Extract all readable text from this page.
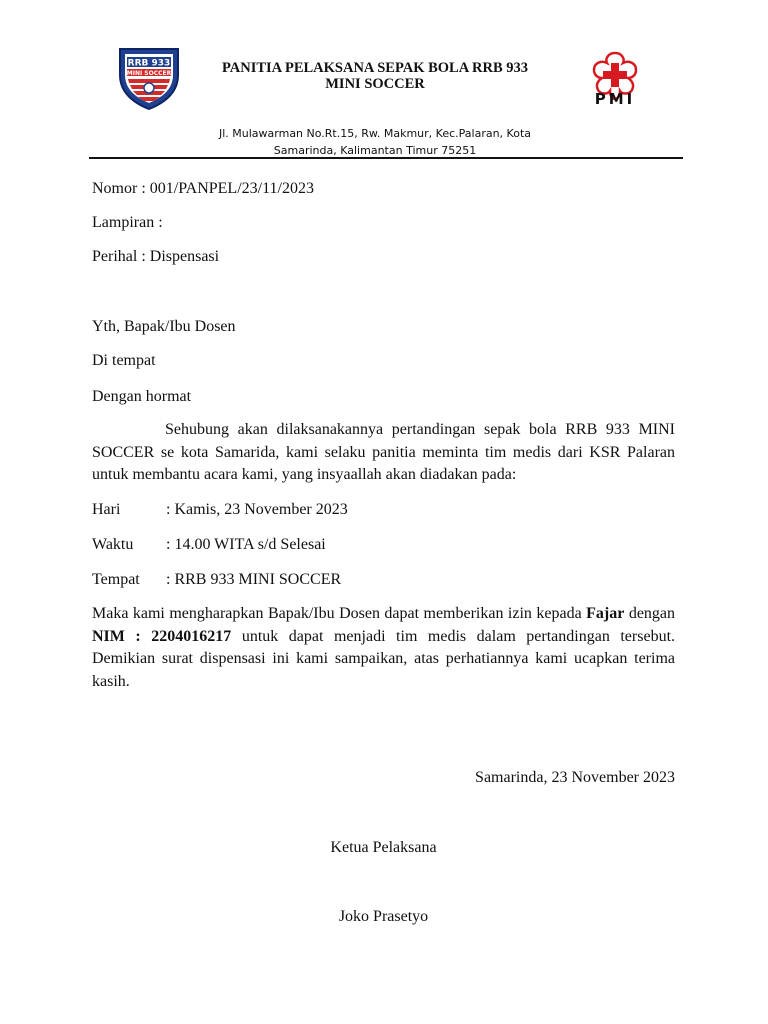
RRB 933
MINI SOCCER	PANITIA PELAKSANA SEPAK BOLA RRB 933
MINI SOCCER
PMI
Jl. Mulawarman No.Rt.15, Rw. Makmur, Kec.Palaran, Kota
Samarinda, Kalimantan Timur 75251
Nomor : 001/PANPEL/23/11/2023
Lampiran :
Perihal : Dispensasi
Yth, Bapak/Ibu Dosen
Di tempat
Dengan hormat
Sehubung akan dilaksanakannya pertandingan sepak bola RRB 933 MINI SOCCER se kota Samarida, kami selaku panitia meminta tim medis dari KSR Palaran untuk membantu acara kami, yang insyaallah akan diadakan pada:
Hari	: Kamis, 23 November 2023
Waktu : 14.00 WITA s/d Selesai
Tempat : RRB 933 MINI SOCCER
Maka kami mengharapkan Bapak/Ibu Dosen dapat memberikan izin kepada Fajar dengan NIM : 2204016217 untuk dapat menjadi tim medis dalam pertandingan tersebut. Demikian surat dispensasi ini kami sampaikan, atas perhatiannya kami ucapkan terima kasih.
Samarinda, 23 November 2023
Ketua Pelaksana
Joko Prasetyo
